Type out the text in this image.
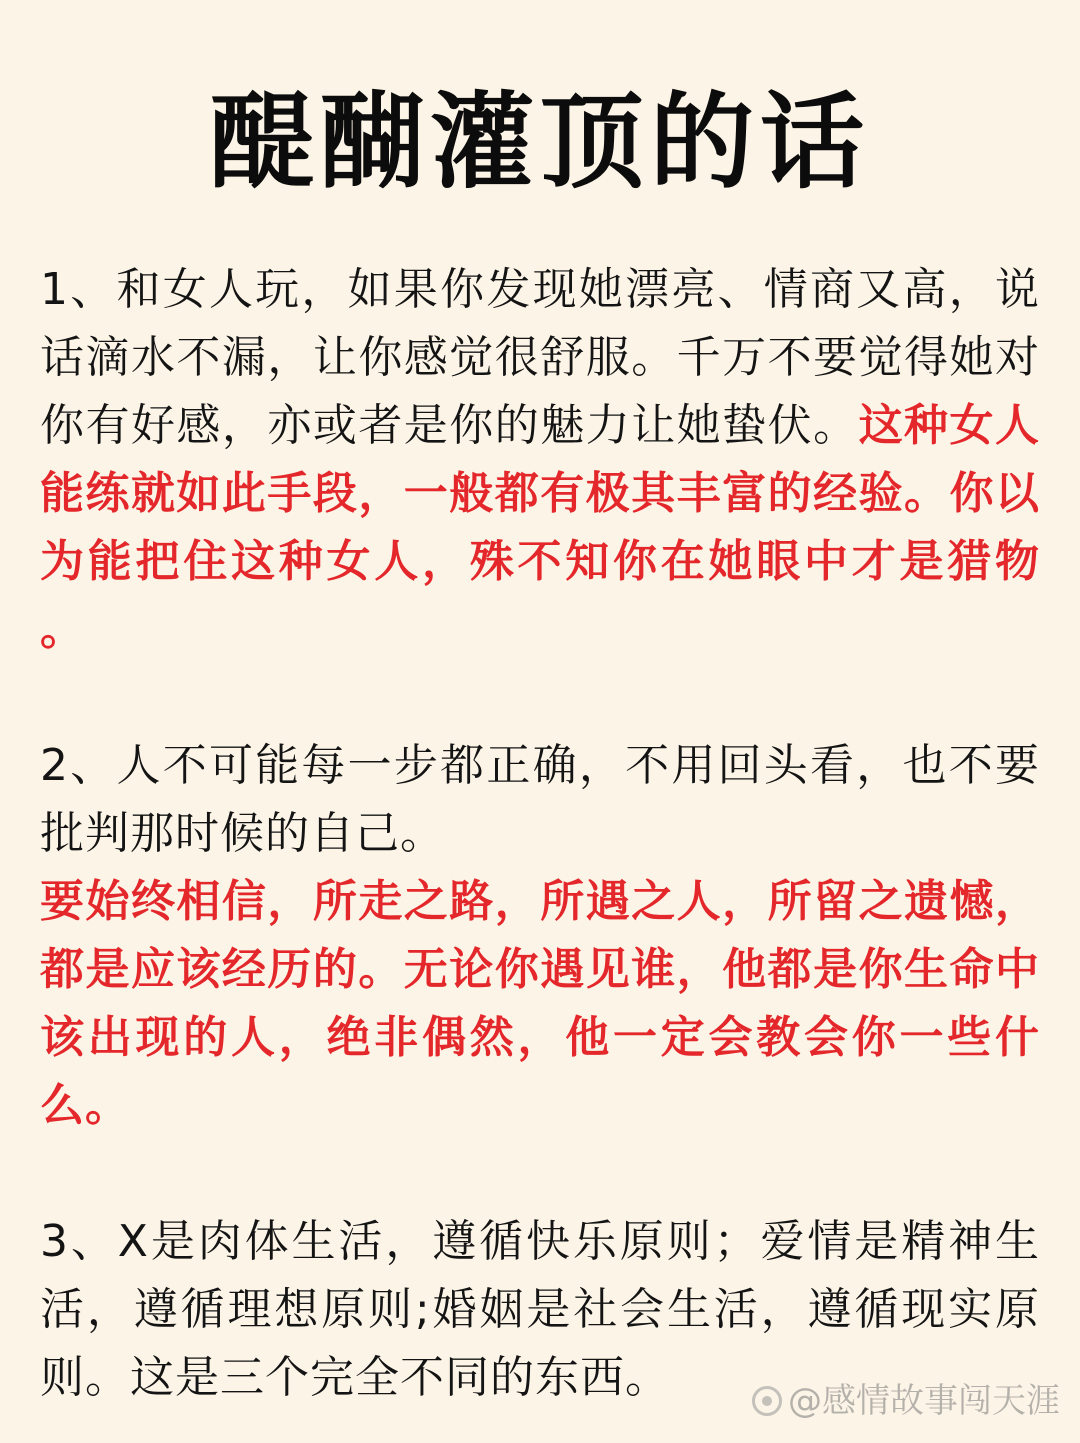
醍醐灌顶的话

1、和女人玩，如果你发现她漂亮、情商又高，说话滴水不漏，让你感觉很舒服。千万不要觉得她对你有好感，亦或者是你的魅力让她蛰伏。这种女人能练就如此手段，一般都有极其丰富的经验。你以为能把住这种女人，殊不知你在她眼中才是猎物 。

2、人不可能每一步都正确，不用回头看，也不要批判那时候的自己。
要始终相信，所走之路，所遇之人，所留之遗憾，都是应该经历的。无论你遇见谁，他都是你生命中该出现的人，绝非偶然，他一定会教会你一些什么。

3、X是肉体生活，遵循快乐原则；爱情是精神生活，遵循理想原则;婚姻是社会生活，遵循现实原则。这是三个完全不同的东西。	@感情故事闯天涯
